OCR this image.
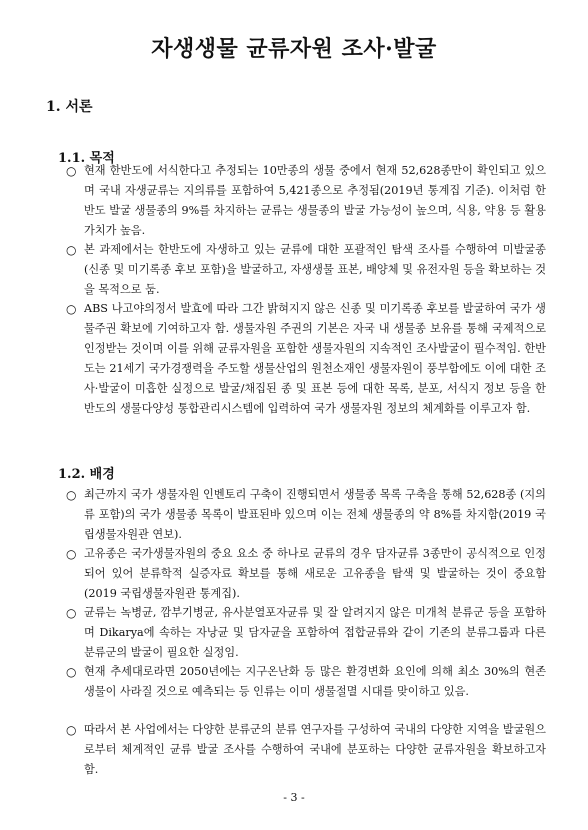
자생생물 균류자원 조사·발굴
1. 서론
1.1. 목적
○ 현재 한반도에 서식한다고 추정되는 10만종의 생물 중에서 현재 52,628종만이 확인되고 있으며 국내 자생균류는 지의류를 포함하여 5,421종으로 추정됨(2019년 통계집 기준). 이처럼 한반도 발굴 생물종의 9%를 차지하는 균류는 생물종의 발굴 가능성이 높으며, 식용, 약용 등 활용가치가 높음.
○ 본 과제에서는 한반도에 자생하고 있는 균류에 대한 포괄적인 탐색 조사를 수행하여 미발굴종 (신종 및 미기록종 후보 포함)을 발굴하고, 자생생물 표본, 배양체 및 유전자원 등을 확보하는 것을 목적으로 둠.
○ ABS 나고야의정서 발효에 따라 그간 밝혀지지 않은 신종 및 미기록종 후보를 발굴하여 국가 생물주권 확보에 기여하고자 함. 생물자원 주권의 기본은 자국 내 생물종 보유를 통해 국제적으로 인정받는 것이며 이를 위해 균류자원을 포함한 생물자원의 지속적인 조사발굴이 필수적임. 한반도는 21세기 국가경쟁력을 주도할 생물산업의 원천소재인 생물자원이 풍부함에도 이에 대한 조사·발굴이 미흡한 실정으로 발굴/채집된 종 및 표본 등에 대한 목록, 분포, 서식지 정보 등을 한반도의 생물다양성 통합관리시스템에 입력하여 국가 생물자원 정보의 체계화를 이루고자 함.
1.2. 배경
○ 최근까지 국가 생물자원 인벤토리 구축이 진행되면서 생물종 목록 구축을 통해 52,628종 (지의류 포함)의 국가 생물종 목록이 발표된바 있으며 이는 전체 생물종의 약 8%를 차지함(2019 국립생물자원관 연보).
○ 고유종은 국가생물자원의 중요 요소 중 하나로 균류의 경우 담자균류 3종만이 공식적으로 인정되어 있어 분류학적 실증자료 확보를 통해 새로운 고유종을 탐색 및 발굴하는 것이 중요함 (2019 국립생물자원관 통계집).
○ 균류는 녹병균, 깜부기병균, 유사분열포자균류 및 잘 알려지지 않은 미개척 분류군 등을 포함하며 Dikarya에 속하는 자낭균 및 담자균을 포함하여 접합균류와 같이 기존의 분류그룹과 다른 분류군의 발굴이 필요한 실정임.
○ 현재 추세대로라면 2050년에는 지구온난화 등 많은 환경변화 요인에 의해 최소 30%의 현존 생물이 사라질 것으로 예측되는 등 인류는 이미 생물절멸 시대를 맞이하고 있음.
○ 따라서 본 사업에서는 다양한 분류군의 분류 연구자를 구성하여 국내의 다양한 지역을 발굴원으로부터 체계적인 균류 발굴 조사를 수행하여 국내에 분포하는 다양한 균류자원을 확보하고자 함.
- 3 -
